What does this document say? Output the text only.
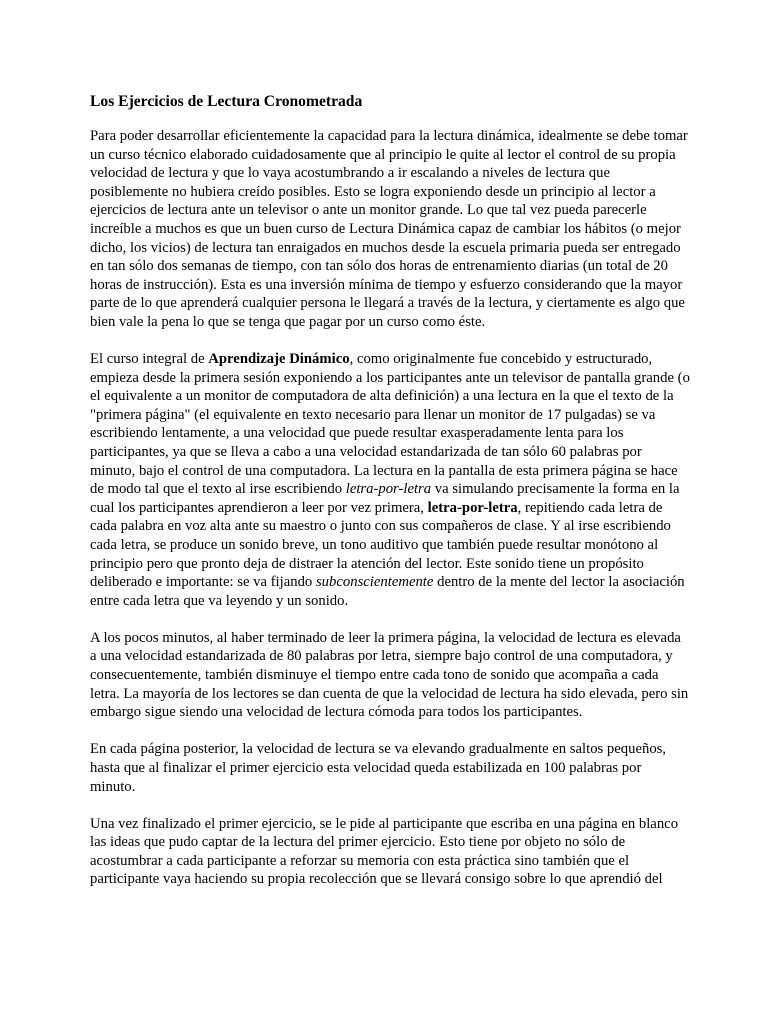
Los Ejercicios de Lectura Cronometrada

Para poder desarrollar eficientemente la capacidad para la lectura dinámica, idealmente se debe tomar un curso técnico elaborado cuidadosamente que al principio le quite al lector el control de su propia velocidad de lectura y que lo vaya acostumbrando a ir escalando a niveles de lectura que posiblemente no hubiera creído posibles. Esto se logra exponiendo desde un principio al lector a ejercicios de lectura ante un televisor o ante un monitor grande. Lo que tal vez pueda parecerle increíble a muchos es que un buen curso de Lectura Dinámica capaz de cambiar los hábitos (o mejor dicho, los vicios) de lectura tan enraigados en muchos desde la escuela primaria pueda ser entregado en tan sólo dos semanas de tiempo, con tan sólo dos horas de entrenamiento diarias (un total de 20 horas de instrucción). Esta es una inversión mínima de tiempo y esfuerzo considerando que la mayor parte de lo que aprenderá cualquier persona le llegará a través de la lectura, y ciertamente es algo que bien vale la pena lo que se tenga que pagar por un curso como éste.

El curso integral de Aprendizaje Dinámico, como originalmente fue concebido y estructurado, empieza desde la primera sesión exponiendo a los participantes ante un televisor de pantalla grande (o el equivalente a un monitor de computadora de alta definición) a una lectura en la que el texto de la "primera página" (el equivalente en texto necesario para llenar un monitor de 17 pulgadas) se va escribiendo lentamente, a una velocidad que puede resultar exasperadamente lenta para los participantes, ya que se lleva a cabo a una velocidad estandarizada de tan sólo 60 palabras por minuto, bajo el control de una computadora. La lectura en la pantalla de esta primera página se hace de modo tal que el texto al irse escribiendo letra-por-letra va simulando precisamente la forma en la cual los participantes aprendieron a leer por vez primera, letra-por-letra, repitiendo cada letra de cada palabra en voz alta ante su maestro o junto con sus compañeros de clase. Y al irse escribiendo cada letra, se produce un sonido breve, un tono auditivo que también puede resultar monótono al principio pero que pronto deja de distraer la atención del lector. Este sonido tiene un propósito deliberado e importante: se va fijando subconscientemente dentro de la mente del lector la asociación entre cada letra que va leyendo y un sonido.

A los pocos minutos, al haber terminado de leer la primera página, la velocidad de lectura es elevada a una velocidad estandarizada de 80 palabras por letra, siempre bajo control de una computadora, y consecuentemente, también disminuye el tiempo entre cada tono de sonido que acompaña a cada letra. La mayoría de los lectores se dan cuenta de que la velocidad de lectura ha sido elevada, pero sin embargo sigue siendo una velocidad de lectura cómoda para todos los participantes.

En cada página posterior, la velocidad de lectura se va elevando gradualmente en saltos pequeños, hasta que al finalizar el primer ejercicio esta velocidad queda estabilizada en 100 palabras por minuto.

Una vez finalizado el primer ejercicio, se le pide al participante que escriba en una página en blanco las ideas que pudo captar de la lectura del primer ejercicio. Esto tiene por objeto no sólo de acostumbrar a cada participante a reforzar su memoria con esta práctica sino también que el participante vaya haciendo su propia recolección que se llevará consigo sobre lo que aprendió del
